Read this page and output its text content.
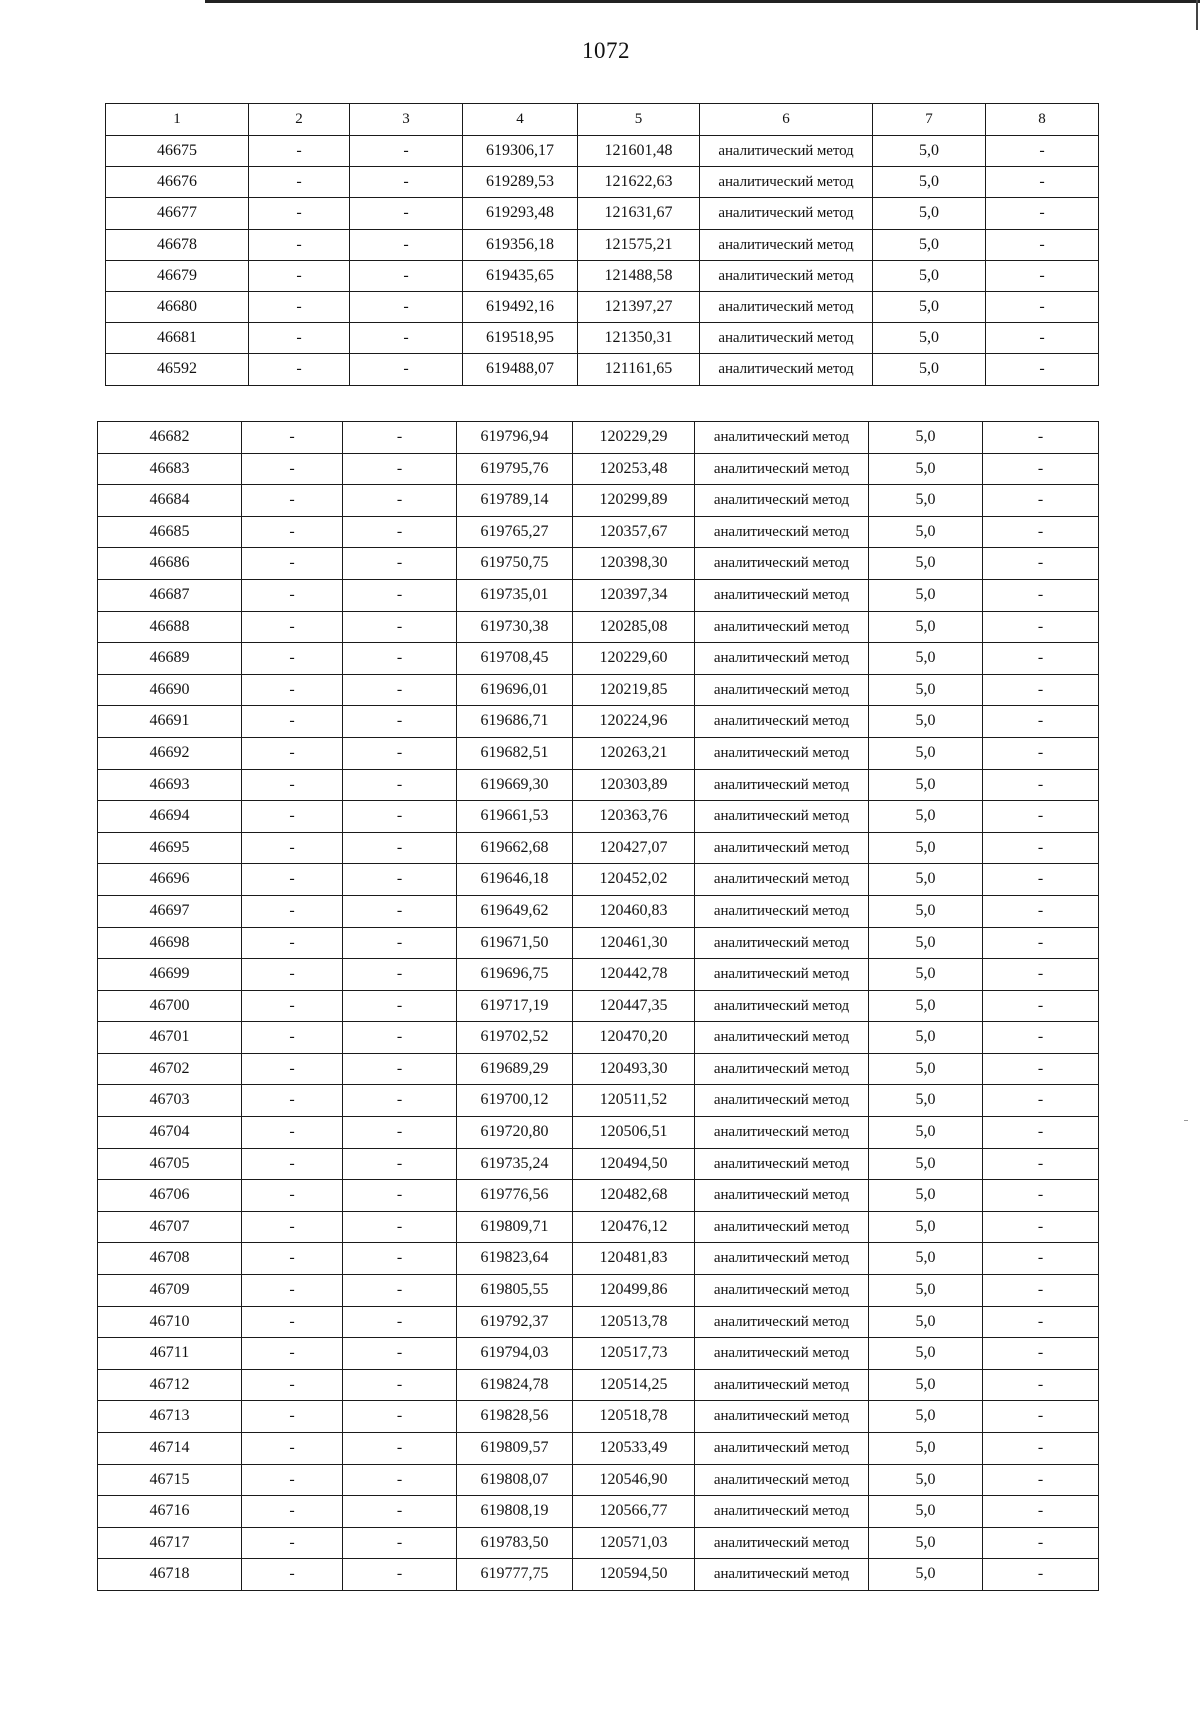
1072
1	2	3	4	5	6	7	8
46675	-	-	619306,17	121601,48	аналитический метод	5,0	-
46676	-	-	619289,53	121622,63	аналитический метод	5,0	-
46677	-	-	619293,48	121631,67	аналитический метод	5,0	-
46678	-	-	619356,18	121575,21	аналитический метод	5,0	-
46679	-	-	619435,65	121488,58	аналитический метод	5,0	-
46680	-	-	619492,16	121397,27	аналитический метод	5,0	-
46681	-	-	619518,95	121350,31	аналитический метод	5,0	-
46592	-	-	619488,07	121161,65	аналитический метод	5,0	-
46682	-	-	619796,94	120229,29	аналитический метод	5,0	-
46683	-	-	619795,76	120253,48	аналитический метод	5,0	-
46684	-	-	619789,14	120299,89	аналитический метод	5,0	-
46685	-	-	619765,27	120357,67	аналитический метод	5,0	-
46686	-	-	619750,75	120398,30	аналитический метод	5,0	-
46687	-	-	619735,01	120397,34	аналитический метод	5,0	-
46688	-	-	619730,38	120285,08	аналитический метод	5,0	-
46689	-	-	619708,45	120229,60	аналитический метод	5,0	-
46690	-	-	619696,01	120219,85	аналитический метод	5,0	-
46691	-	-	619686,71	120224,96	аналитический метод	5,0	-
46692	-	-	619682,51	120263,21	аналитический метод	5,0	-
46693	-	-	619669,30	120303,89	аналитический метод	5,0	-
46694	-	-	619661,53	120363,76	аналитический метод	5,0	-
46695	-	-	619662,68	120427,07	аналитический метод	5,0	-
46696	-	-	619646,18	120452,02	аналитический метод	5,0	-
46697	-	-	619649,62	120460,83	аналитический метод	5,0	-
46698	-	-	619671,50	120461,30	аналитический метод	5,0	-
46699	-	-	619696,75	120442,78	аналитический метод	5,0	-
46700	-	-	619717,19	120447,35	аналитический метод	5,0	-
46701	-	-	619702,52	120470,20	аналитический метод	5,0	-
46702	-	-	619689,29	120493,30	аналитический метод	5,0	-
46703	-	-	619700,12	120511,52	аналитический метод	5,0	-
46704	-	-	619720,80	120506,51	аналитический метод	5,0	-
46705	-	-	619735,24	120494,50	аналитический метод	5,0	-
46706	-	-	619776,56	120482,68	аналитический метод	5,0	-
46707	-	-	619809,71	120476,12	аналитический метод	5,0	-
46708	-	-	619823,64	120481,83	аналитический метод	5,0	-
46709	-	-	619805,55	120499,86	аналитический метод	5,0	-
46710	-	-	619792,37	120513,78	аналитический метод	5,0	-
46711	-	-	619794,03	120517,73	аналитический метод	5,0	-
46712	-	-	619824,78	120514,25	аналитический метод	5,0	-
46713	-	-	619828,56	120518,78	аналитический метод	5,0	-
46714	-	-	619809,57	120533,49	аналитический метод	5,0	-
46715	-	-	619808,07	120546,90	аналитический метод	5,0	-
46716	-	-	619808,19	120566,77	аналитический метод	5,0	-
46717	-	-	619783,50	120571,03	аналитический метод	5,0	-
46718	-	-	619777,75	120594,50	аналитический метод	5,0	-
